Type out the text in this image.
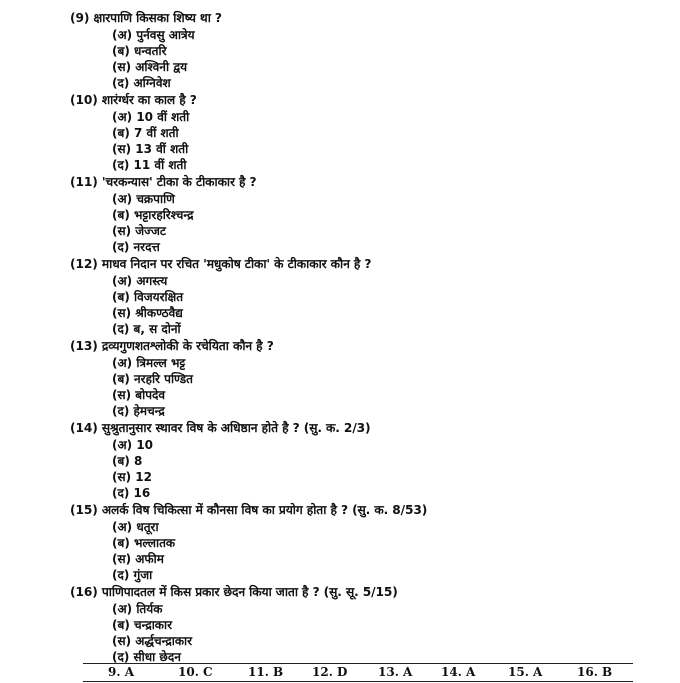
(9) क्षारपाणि किसका शिष्य था ?
(अ) पुर्नवसु आत्रेय
(ब) धन्वतरि
(स) अश्विनी द्वय
(द) अग्निवेश
(10) शारंर्ग्धर का काल है ?
(अ) 10 वीं शती
(ब) 7 वीं शती
(स) 13 वीं शती
(द) 11 वीं शती
(11) 'चरकन्यास' टीका के टीकाकार है ?
(अ) चक्रपाणि
(ब) भट्टारहरिश्चन्द्र
(स) जेज्जट
(द) नरदत्त
(12) माधव निदान पर रचित 'मधुकोष टीका' के टीकाकार कौन है ?
(अ) अगस्त्य
(ब) विजयरक्षित
(स) श्रीकण्ठवैद्य
(द) ब, स दोनों
(13) द्रव्यगुणशतश्लोकी के रचेयिता कौन है ?
(अ) त्रिमल्ल भट्ट
(ब) नरहरि पण्डित
(स) बोपदेव
(द) हेमचन्द्र
(14) सुश्रुतानुसार स्थावर विष के अधिष्ठान होते है ? (सु. क. 2/3)
(अ) 10
(ब) 8
(स) 12
(द) 16
(15) अलर्क विष चिकित्सा में कौनसा विष का प्रयोग होता है ? (सु. क. 8/53)
(अ) धतूरा
(ब) भल्लातक
(स) अफीम
(द) गुंजा
(16) पाणिपादतल में किस प्रकार छेदन किया जाता है ? (सु. सू. 5/15)
(अ) तिर्यक
(ब) चन्द्राकार
(स) अर्द्धचन्द्राकार
(द) सीधा छेदन
9. A	10. C	11. B 12. D	13. A 14. A	15. A	16. B
